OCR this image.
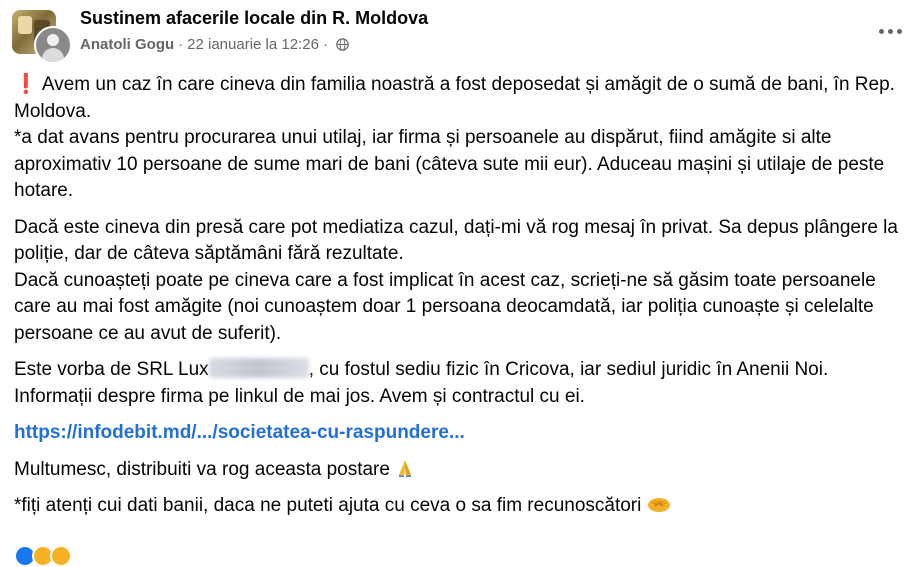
Sustinem afacerile locale din R. Moldova
Anatoli Gogu · 22 ianuarie la 12:26 ·

❗ Avem un caz în care cineva din familia noastră a fost deposedat și amăgit de o sumă de bani, în Rep. Moldova.
*a dat avans pentru procurarea unui utilaj, iar firma și persoanele au dispărut, fiind amăgite si alte aproximativ 10 persoane de sume mari de bani (câteva sute mii eur). Aduceau mașini și utilaje de peste hotare.

Dacă este cineva din presă care pot mediatiza cazul, dați-mi vă rog mesaj în privat. Sa depus plângere la poliție, dar de câteva săptămâni fără rezultate.
Dacă cunoașteți poate pe cineva care a fost implicat în acest caz, scrieți-ne să găsim toate persoanele care au mai fost amăgite (noi cunoaștem doar 1 persoana deocamdată, iar poliția cunoaște și celelalte persoane ce au avut de suferit).

Este vorba de SRL Lux	, cu fostul sediu fizic în Cricova, iar sediul juridic în Anenii Noi.
Informații despre firma pe linkul de mai jos. Avem și contractul cu ei.

https://infodebit.md/.../societatea-cu-raspundere...

Multumesc, distribuiti va rog aceasta postare

*fiți atenți cui dati banii, daca ne puteti ajuta cu ceva o sa fim recunoscători
